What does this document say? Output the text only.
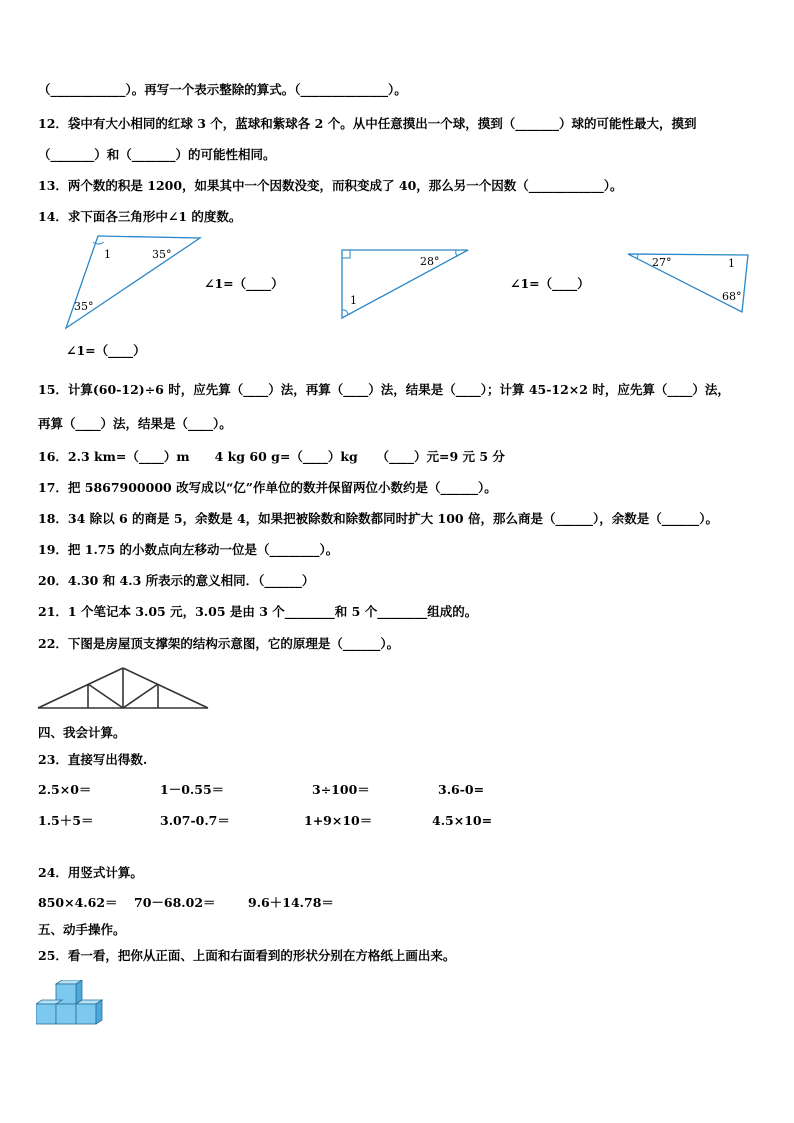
（____________）。再写一个表示整除的算式。（______________）。
12．袋中有大小相同的红球 3 个，蓝球和紫球各 2 个。从中任意摸出一个球，摸到（_______）球的可能性最大，摸到
（_______）和（_______）的可能性相同。
13．两个数的积是 1200，如果其中一个因数没变，而积变成了 40，那么另一个因数（____________）。
14．求下面各三角形中∠1 的度数。
1	35°
35°
∠1=（____）
∠1=（____）
28°
1
∠1=（____）
27°	1
68°
15．计算(60-12)÷6 时，应先算（____）法，再算（____）法，结果是（____）；计算 45-12×2 时，应先算（____）法，
再算（____）法，结果是（____）。
16．2.3 km=（____）m　　4 kg 60 g=（____）kg　　（____）元=9 元 5 分
17．把 5867900000 改写成以“亿”作单位的数并保留两位小数约是（______）。
18．34 除以 6 的商是 5，余数是 4，如果把被除数和除数都同时扩大 100 倍，那么商是（______），余数是（______）。
19．把 1.75 的小数点向左移动一位是（________）。
20．4.30 和 4.3 所表示的意义相同．（______）
21．1 个笔记本 3.05 元，3.05 是由 3 个________和 5 个________组成的。
22．下图是房屋顶支撑架的结构示意图，它的原理是（______）。
四、我会计算。
23．直接写出得数.
2.5×0＝	1－0.55＝	3÷100＝	3.6-0=
1.5＋5＝	3.07-0.7＝	1+9×10＝	4.5×10=
24．用竖式计算。
850×4.62＝ 70－68.02＝	9.6＋14.78＝
五、动手操作。
25．看一看，把你从正面、上面和右面看到的形状分别在方格纸上画出来。
